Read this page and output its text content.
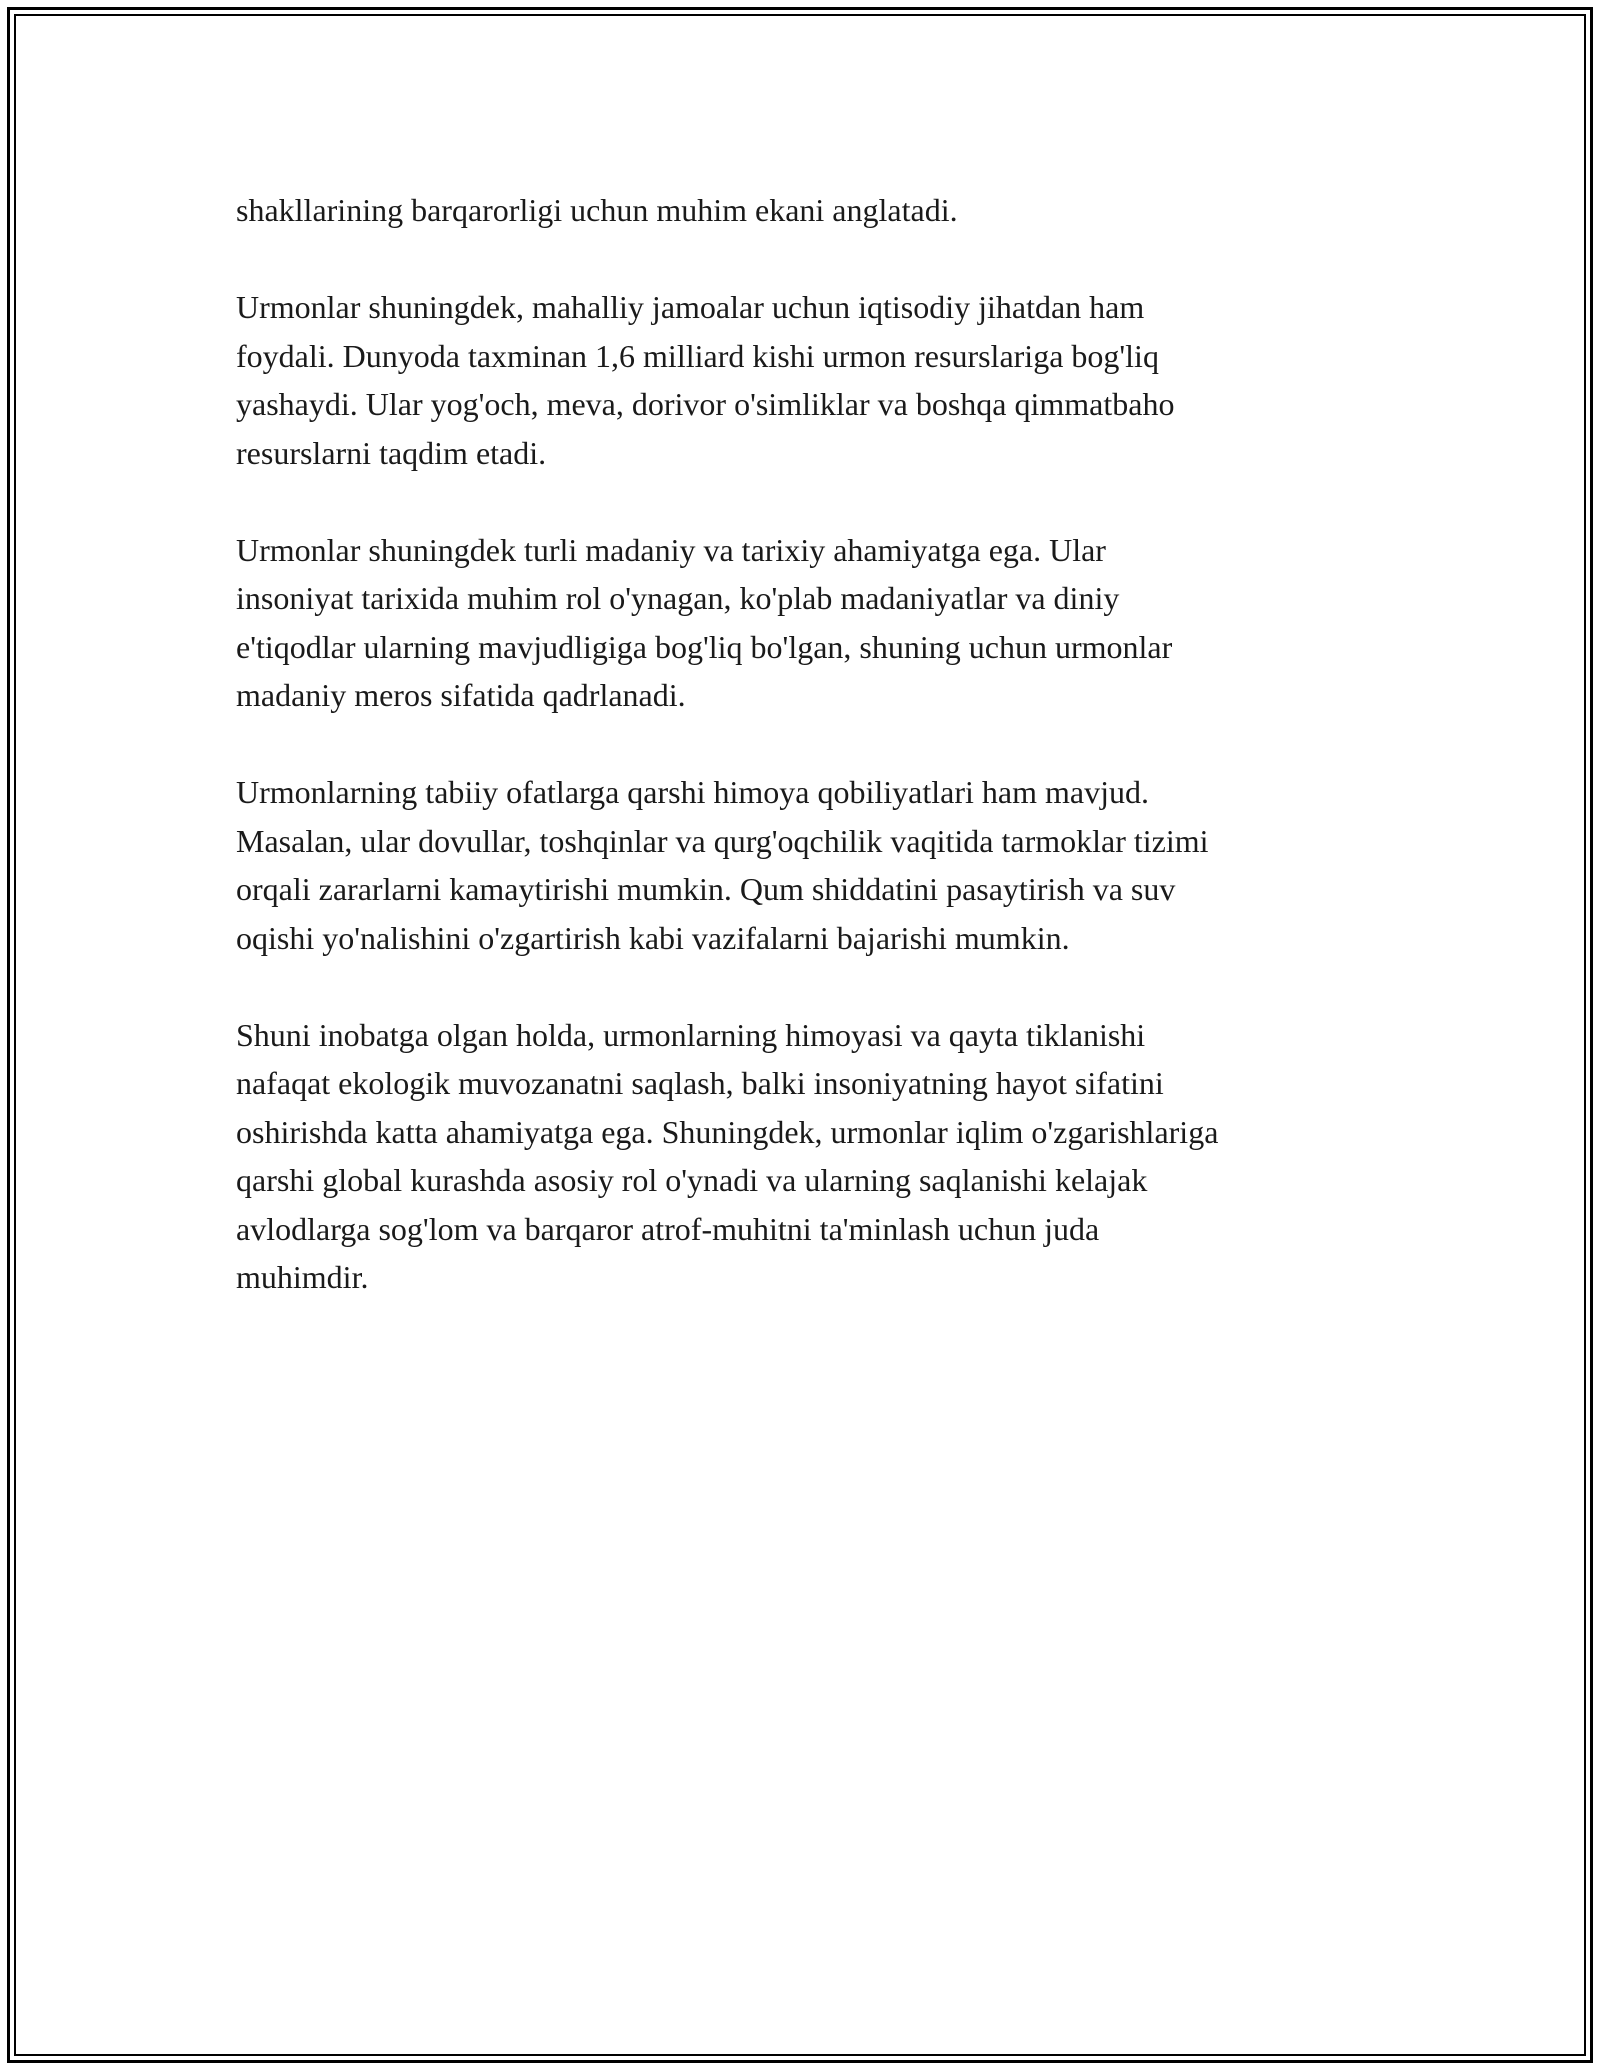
shakllarining barqarorligi uchun muhim ekani anglatadi.

Urmonlar shuningdek, mahalliy jamoalar uchun iqtisodiy jihatdan ham
foydali. Dunyoda taxminan 1,6 milliard kishi urmon resurslariga bog'liq
yashaydi. Ular yog'och, meva, dorivor o'simliklar va boshqa qimmatbaho
resurslarni taqdim etadi.

Urmonlar shuningdek turli madaniy va tarixiy ahamiyatga ega. Ular
insoniyat tarixida muhim rol o'ynagan, ko'plab madaniyatlar va diniy
e'tiqodlar ularning mavjudligiga bog'liq bo'lgan, shuning uchun urmonlar
madaniy meros sifatida qadrlanadi.

Urmonlarning tabiiy ofatlarga qarshi himoya qobiliyatlari ham mavjud.
Masalan, ular dovullar, toshqinlar va qurg'oqchilik vaqitida tarmoklar tizimi
orqali zararlarni kamaytirishi mumkin. Qum shiddatini pasaytirish va suv
oqishi yo'nalishini o'zgartirish kabi vazifalarni bajarishi mumkin.

Shuni inobatga olgan holda, urmonlarning himoyasi va qayta tiklanishi
nafaqat ekologik muvozanatni saqlash, balki insoniyatning hayot sifatini
oshirishda katta ahamiyatga ega. Shuningdek, urmonlar iqlim o'zgarishlariga
qarshi global kurashda asosiy rol o'ynadi va ularning saqlanishi kelajak
avlodlarga sog'lom va barqaror atrof-muhitni ta'minlash uchun juda
muhimdir.
